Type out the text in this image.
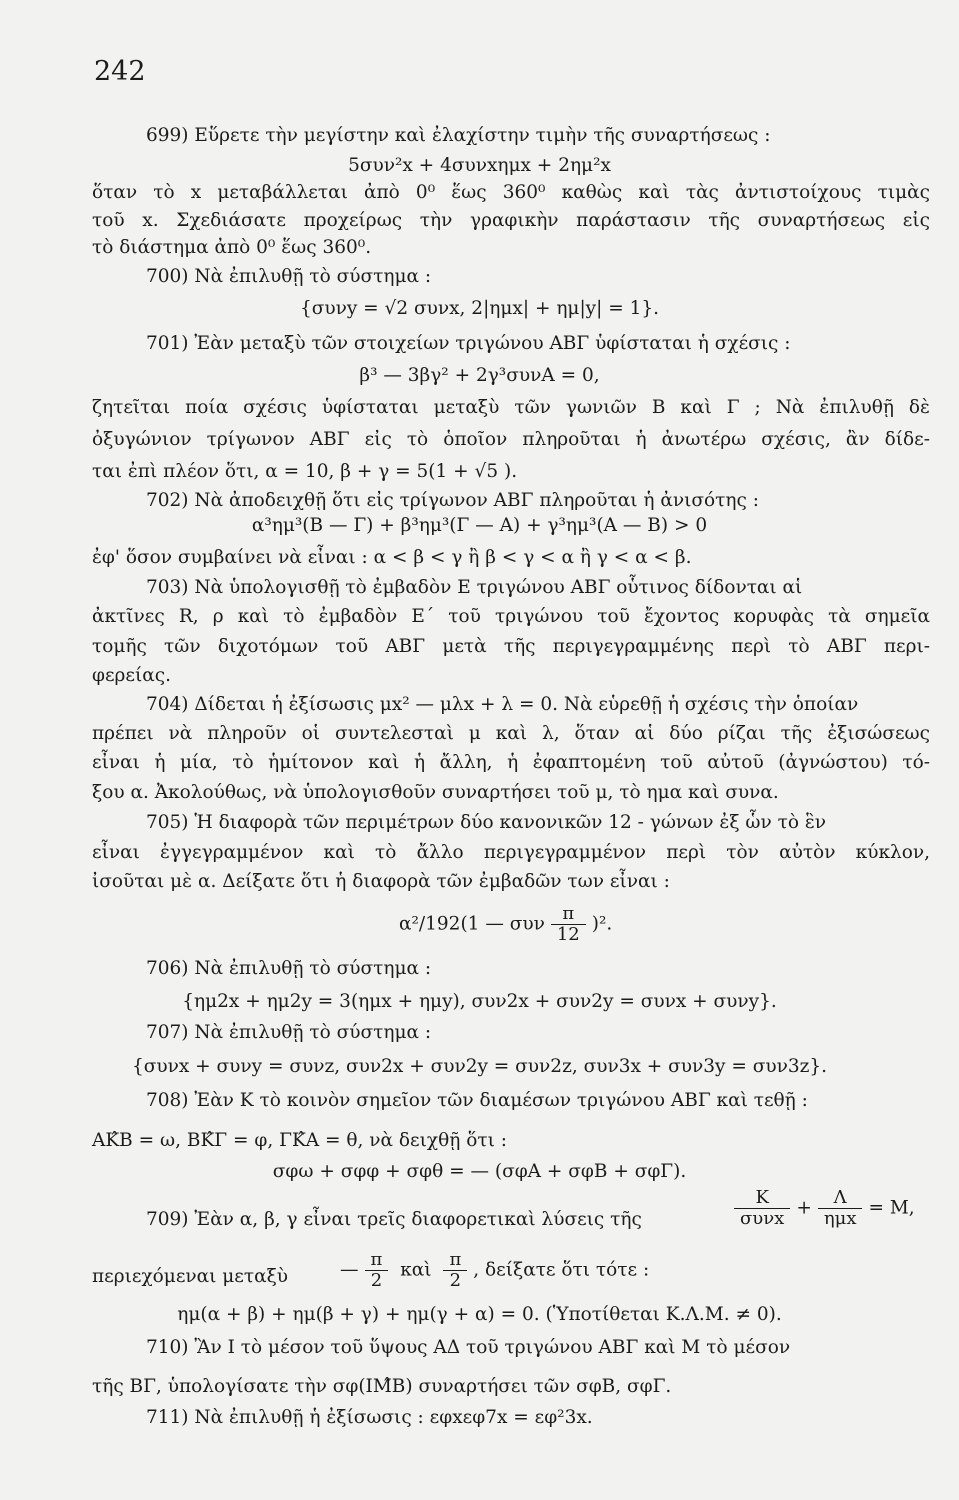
242
699) Εὕρετε τὴν μεγίστην καὶ ἐλαχίστην τιμὴν τῆς συναρτήσεως :
5συν²x + 4συνxημx + 2ημ²x
ὅταν τὸ x μεταβάλλεται ἀπὸ 0⁰ ἕως 360⁰ καθὼς καὶ τὰς ἀντιστοίχους τιμὰς
τοῦ x. Σχεδιάσατε προχείρως τὴν γραφικὴν παράστασιν τῆς συναρτήσεως εἰς
τὸ διάστημα ἀπὸ 0⁰ ἕως 360⁰.
700) Νὰ ἐπιλυθῇ τὸ σύστημα :
{συνy = √2 συνx, 2|ημx| + ημ|y| = 1}.
701) Ἐὰν μεταξὺ τῶν στοιχείων τριγώνου ΑΒΓ ὑφίσταται ἡ σχέσις :
β³ — 3βγ² + 2γ³συνΑ = 0,
ζητεῖται ποία σχέσις ὑφίσταται μεταξὺ τῶν γωνιῶν Β καὶ Γ ; Νὰ ἐπιλυθῇ δὲ
ὀξυγώνιον τρίγωνον ΑΒΓ εἰς τὸ ὁποῖον πληροῦται ἡ ἀνωτέρω σχέσις, ἂν δίδε-
ται ἐπὶ πλέον ὅτι, α = 10, β + γ = 5(1 + √5 ).
702) Νὰ ἀποδειχθῇ ὅτι εἰς τρίγωνον ΑΒΓ πληροῦται ἡ ἀνισότης :
α³ημ³(Β — Γ) + β³ημ³(Γ — Α) + γ³ημ³(Α — Β) > 0
ἐφ' ὅσον συμβαίνει νὰ εἶναι : α < β < γ ἢ β < γ < α ἢ γ < α < β.
703) Νὰ ὑπολογισθῇ τὸ ἐμβαδὸν Ε τριγώνου ΑΒΓ οὗτινος δίδονται αἱ
ἀκτῖνες R, ρ καὶ τὸ ἐμβαδὸν Ε΄ τοῦ τριγώνου τοῦ ἔχοντος κορυφὰς τὰ σημεῖα
τομῆς τῶν διχοτόμων τοῦ ΑΒΓ μετὰ τῆς περιγεγραμμένης περὶ τὸ ΑΒΓ περι-
φερείας.
704) Δίδεται ἡ ἐξίσωσις μx² — μλx + λ = 0. Νὰ εὑρεθῇ ἡ σχέσις τὴν ὁποίαν
πρέπει νὰ πληροῦν οἱ συντελεσταὶ μ καὶ λ, ὅταν αἱ δύο ρίζαι τῆς ἐξισώσεως
εἶναι ἡ μία, τὸ ἡμίτονον καὶ ἡ ἄλλη, ἡ ἐφαπτομένη τοῦ αὐτοῦ (ἀγνώστου) τό-
ξου α. Ἀκολούθως, νὰ ὑπολογισθοῦν συναρτήσει τοῦ μ, τὸ ημα καὶ συνα.
705) Ἡ διαφορὰ τῶν περιμέτρων δύο κανονικῶν 12 - γώνων ἐξ ὧν τὸ ἓν
εἶναι ἐγγεγραμμένον καὶ τὸ ἄλλο περιγεγραμμένον περὶ τὸν αὐτὸν κύκλον,
ἰσοῦται μὲ α. Δείξατε ὅτι ἡ διαφορὰ τῶν ἐμβαδῶν των εἶναι :
α²/192(1 — συν $\frac{\pi}{12} )^2$.
706) Νὰ ἐπιλυθῇ τὸ σύστημα :
{ημ2x + ημ2y = 3(ημx + ημy), συν2x + συν2y = συνx + συνy}.
707) Νὰ ἐπιλυθῇ τὸ σύστημα :
{συνx + συνy = συνz, συν2x + συν2y = συν2z, συν3x + συν3y = συν3z}.
708) Ἐὰν Κ τὸ κοινὸν σημεῖον τῶν διαμέσων τριγώνου ΑΒΓ καὶ τεθῇ :
ΑΚ̂Β = ω, ΒΚ̂Γ = φ, ΓΚ̂Α = θ, νὰ δειχθῇ ὅτι :
σφω + σφφ + σφθ = — (σφΑ + σφΒ + σφΓ).
709) Ἐὰν α, β, γ εἶναι τρεῖς διαφορετικαὶ λύσεις τῆς	$\frac{K}{\text{συνx}} + \frac{\Lambda}{\text{ημx}} = M$,
περιεχόμεναι μεταξὺ	— $\frac{\pi}{2}$ καὶ $\frac{\pi}{2}$ , δείξατε ὅτι τότε :
ημ(α + β) + ημ(β + γ) + ημ(γ + α) = 0. (Ὑποτίθεται Κ.Λ.Μ. ≠ 0).
710) Ἂν Ι τὸ μέσον τοῦ ὕψους ΑΔ τοῦ τριγώνου ΑΒΓ καὶ Μ τὸ μέσον
τῆς ΒΓ, ὑπολογίσατε τὴν σφ(ΙΜ̂Β) συναρτήσει τῶν σφΒ, σφΓ.
711) Νὰ ἐπιλυθῇ ἡ ἐξίσωσις : εφxεφ7x = εφ²3x.
